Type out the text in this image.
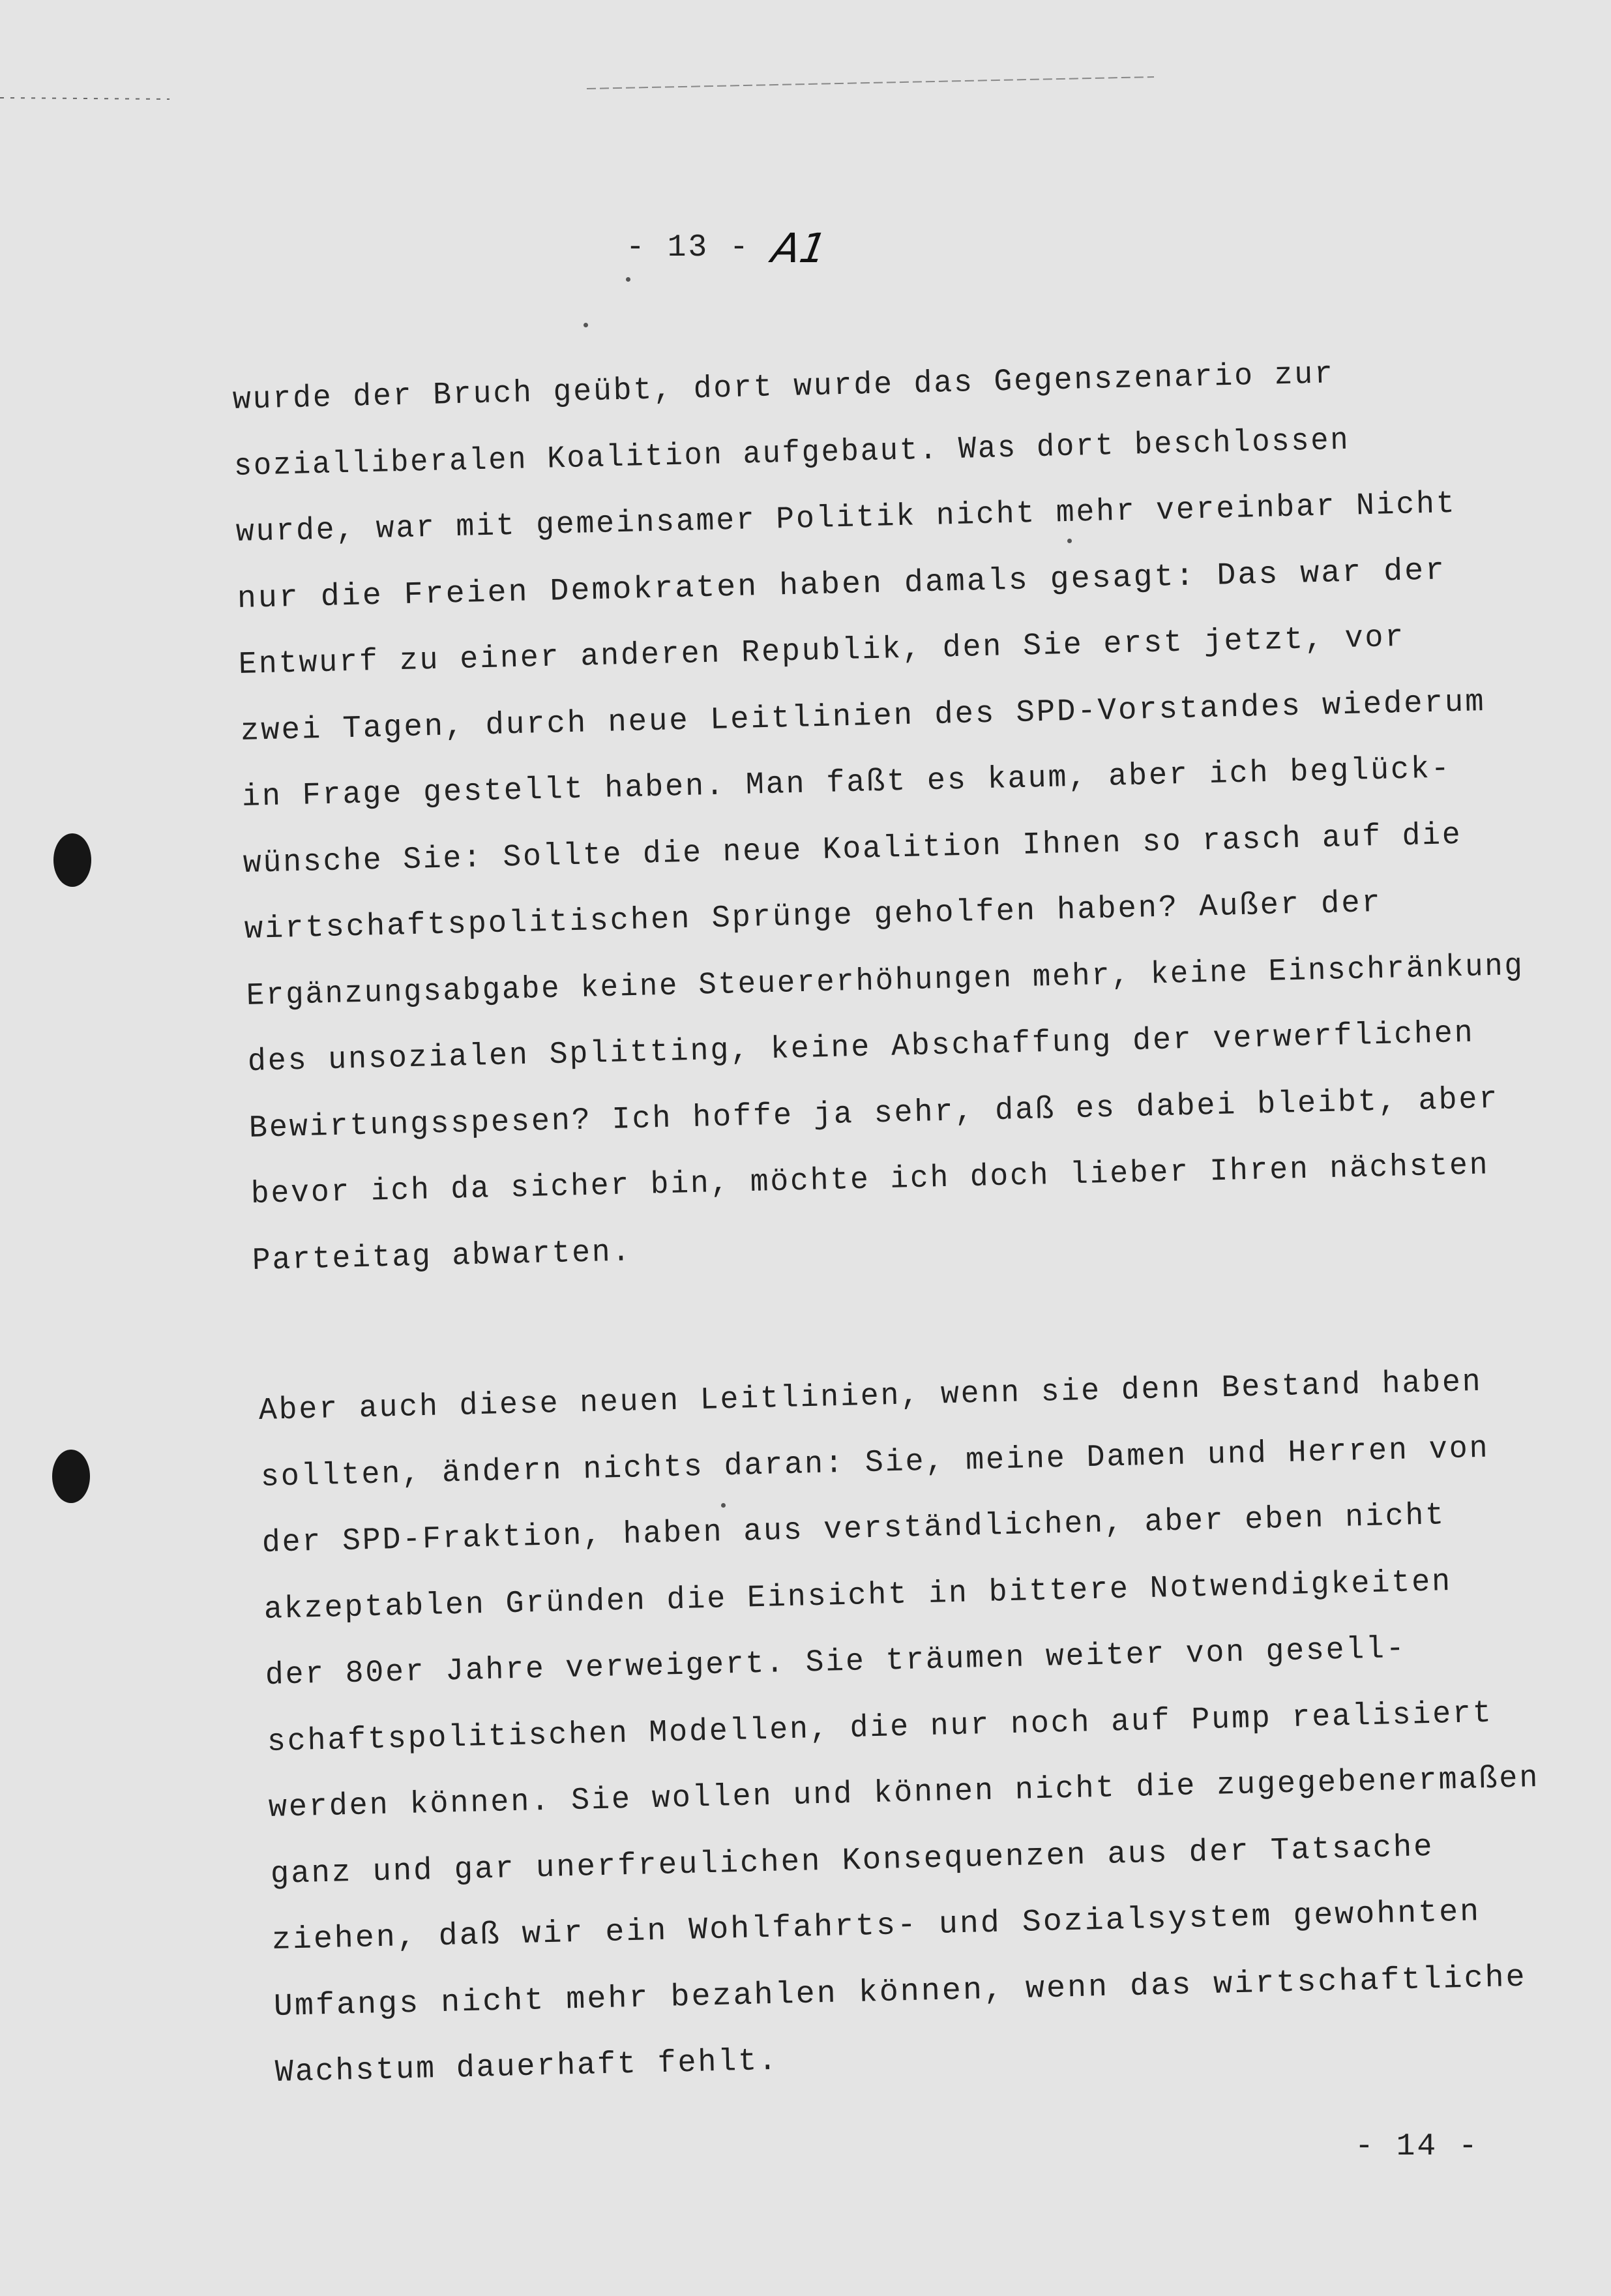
- 13 - A1
wurde der Bruch geübt, dort wurde das Gegenszenario zur
sozialliberalen Koalition aufgebaut. Was dort beschlossen
wurde, war mit gemeinsamer Politik nicht mehr vereinbar Nicht
nur die Freien Demokraten haben damals gesagt: Das war der
Entwurf zu einer anderen Republik, den Sie erst jetzt, vor
zwei Tagen, durch neue Leitlinien des SPD-Vorstandes wiederum
in Frage gestellt haben. Man faßt es kaum, aber ich beglück-
wünsche Sie: Sollte die neue Koalition Ihnen so rasch auf die
wirtschaftspolitischen Sprünge geholfen haben? Außer der
Ergänzungsabgabe keine Steuererhöhungen mehr, keine Einschränkung
des unsozialen Splitting, keine Abschaffung der verwerflichen
Bewirtungsspesen? Ich hoffe ja sehr, daß es dabei bleibt, aber
bevor ich da sicher bin, möchte ich doch lieber Ihren nächsten
Parteitag abwarten.
Aber auch diese neuen Leitlinien, wenn sie denn Bestand haben
sollten, ändern nichts daran: Sie, meine Damen und Herren von
der SPD-Fraktion, haben aus verständlichen, aber eben nicht
akzeptablen Gründen die Einsicht in bittere Notwendigkeiten
der 80er Jahre verweigert. Sie träumen weiter von gesell-
schaftspolitischen Modellen, die nur noch auf Pump realisiert
werden können. Sie wollen und können nicht die zugegebenermaßen
ganz und gar unerfreulichen Konsequenzen aus der Tatsache
ziehen, daß wir ein Wohlfahrts- und Sozialsystem gewohnten
Umfangs nicht mehr bezahlen können, wenn das wirtschaftliche
Wachstum dauerhaft fehlt.
- 14 -
